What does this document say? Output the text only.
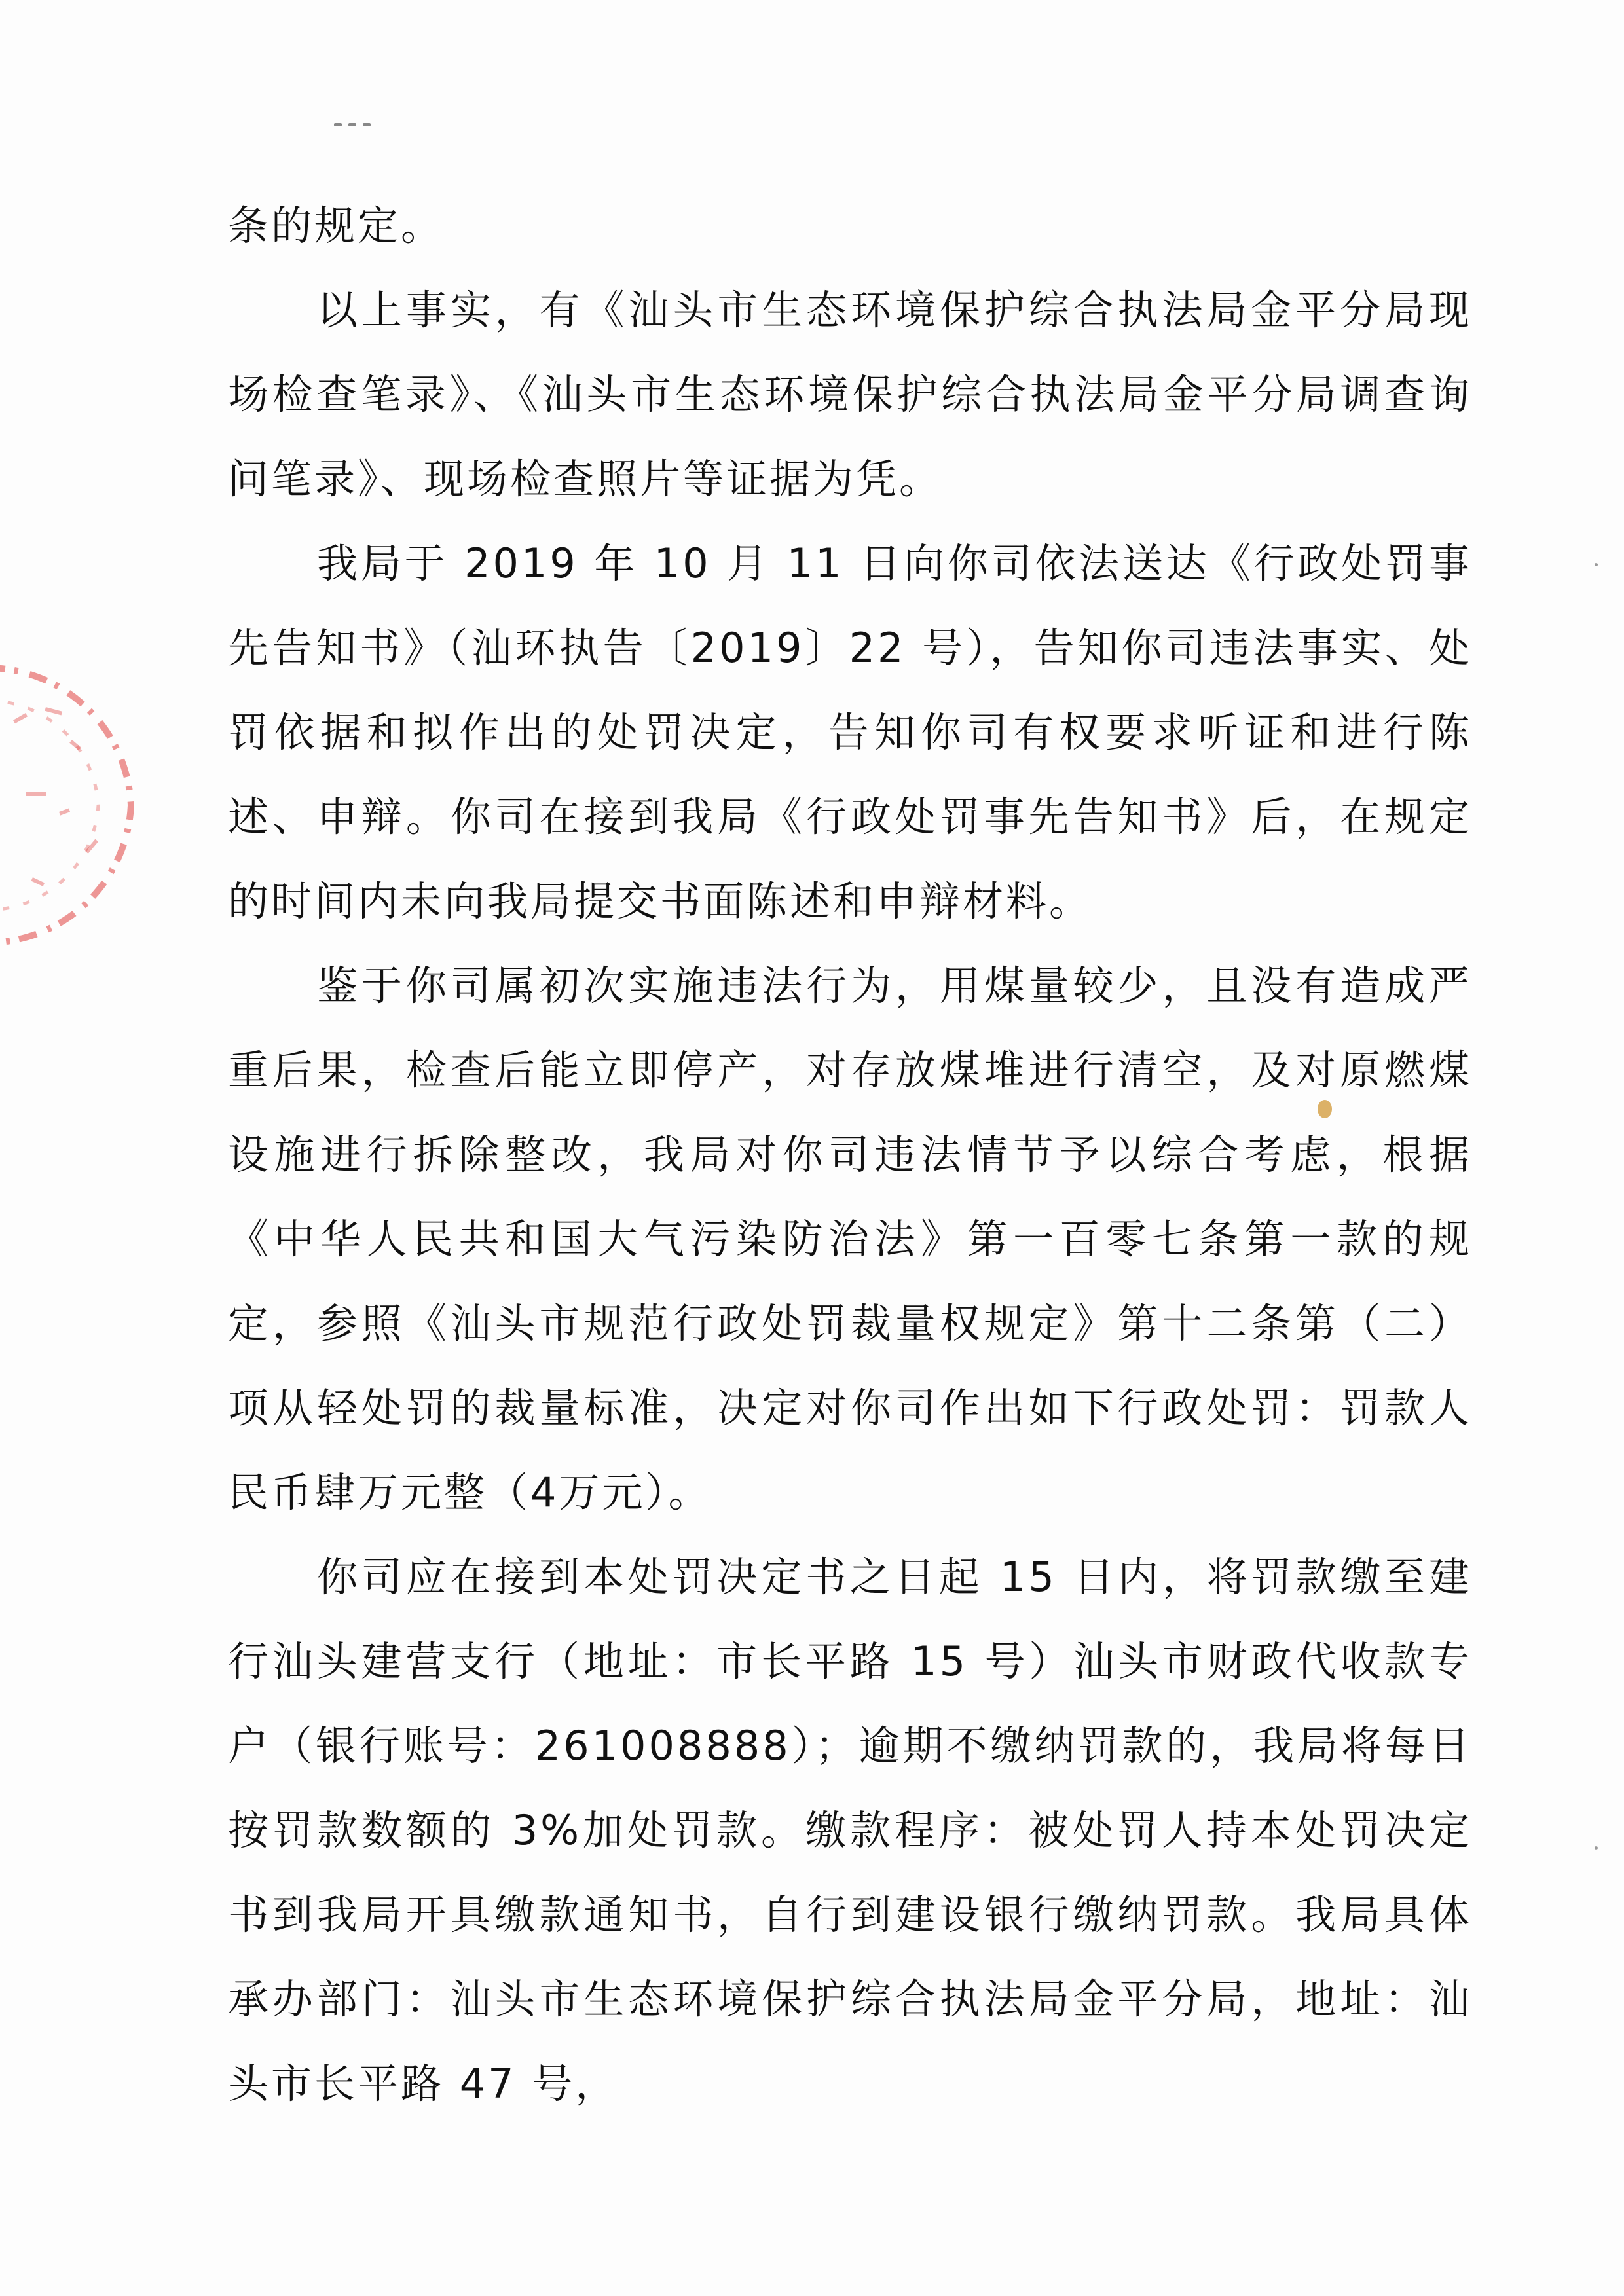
条的规定。

以上事实，有《汕头市生态环境保护综合执法局金平分局现场检查笔录》、《汕头市生态环境保护综合执法局金平分局调查询问笔录》、现场检查照片等证据为凭。

我局于 2019 年 10 月 11 日向你司依法送达《行政处罚事先告知书》（汕环执告〔2019〕22 号），告知你司违法事实、处罚依据和拟作出的处罚决定，告知你司有权要求听证和进行陈述、申辩。你司在接到我局《行政处罚事先告知书》后，在规定的时间内未向我局提交书面陈述和申辩材料。

鉴于你司属初次实施违法行为，用煤量较少，且没有造成严重后果，检查后能立即停产，对存放煤堆进行清空，及对原燃煤设施进行拆除整改，我局对你司违法情节予以综合考虑，根据《中华人民共和国大气污染防治法》第一百零七条第一款的规定，参照《汕头市规范行政处罚裁量权规定》第十二条第（二）项从轻处罚的裁量标准，决定对你司作出如下行政处罚：罚款人民币肆万元整（4万元）。

你司应在接到本处罚决定书之日起 15 日内，将罚款缴至建行汕头建营支行（地址：市长平路 15 号）汕头市财政代收款专户（银行账号：261008888）；逾期不缴纳罚款的，我局将每日按罚款数额的 3%加处罚款。缴款程序：被处罚人持本处罚决定书到我局开具缴款通知书，自行到建设银行缴纳罚款。我局具体承办部门：汕头市生态环境保护综合执法局金平分局，地址：汕头市长平路 47 号，
